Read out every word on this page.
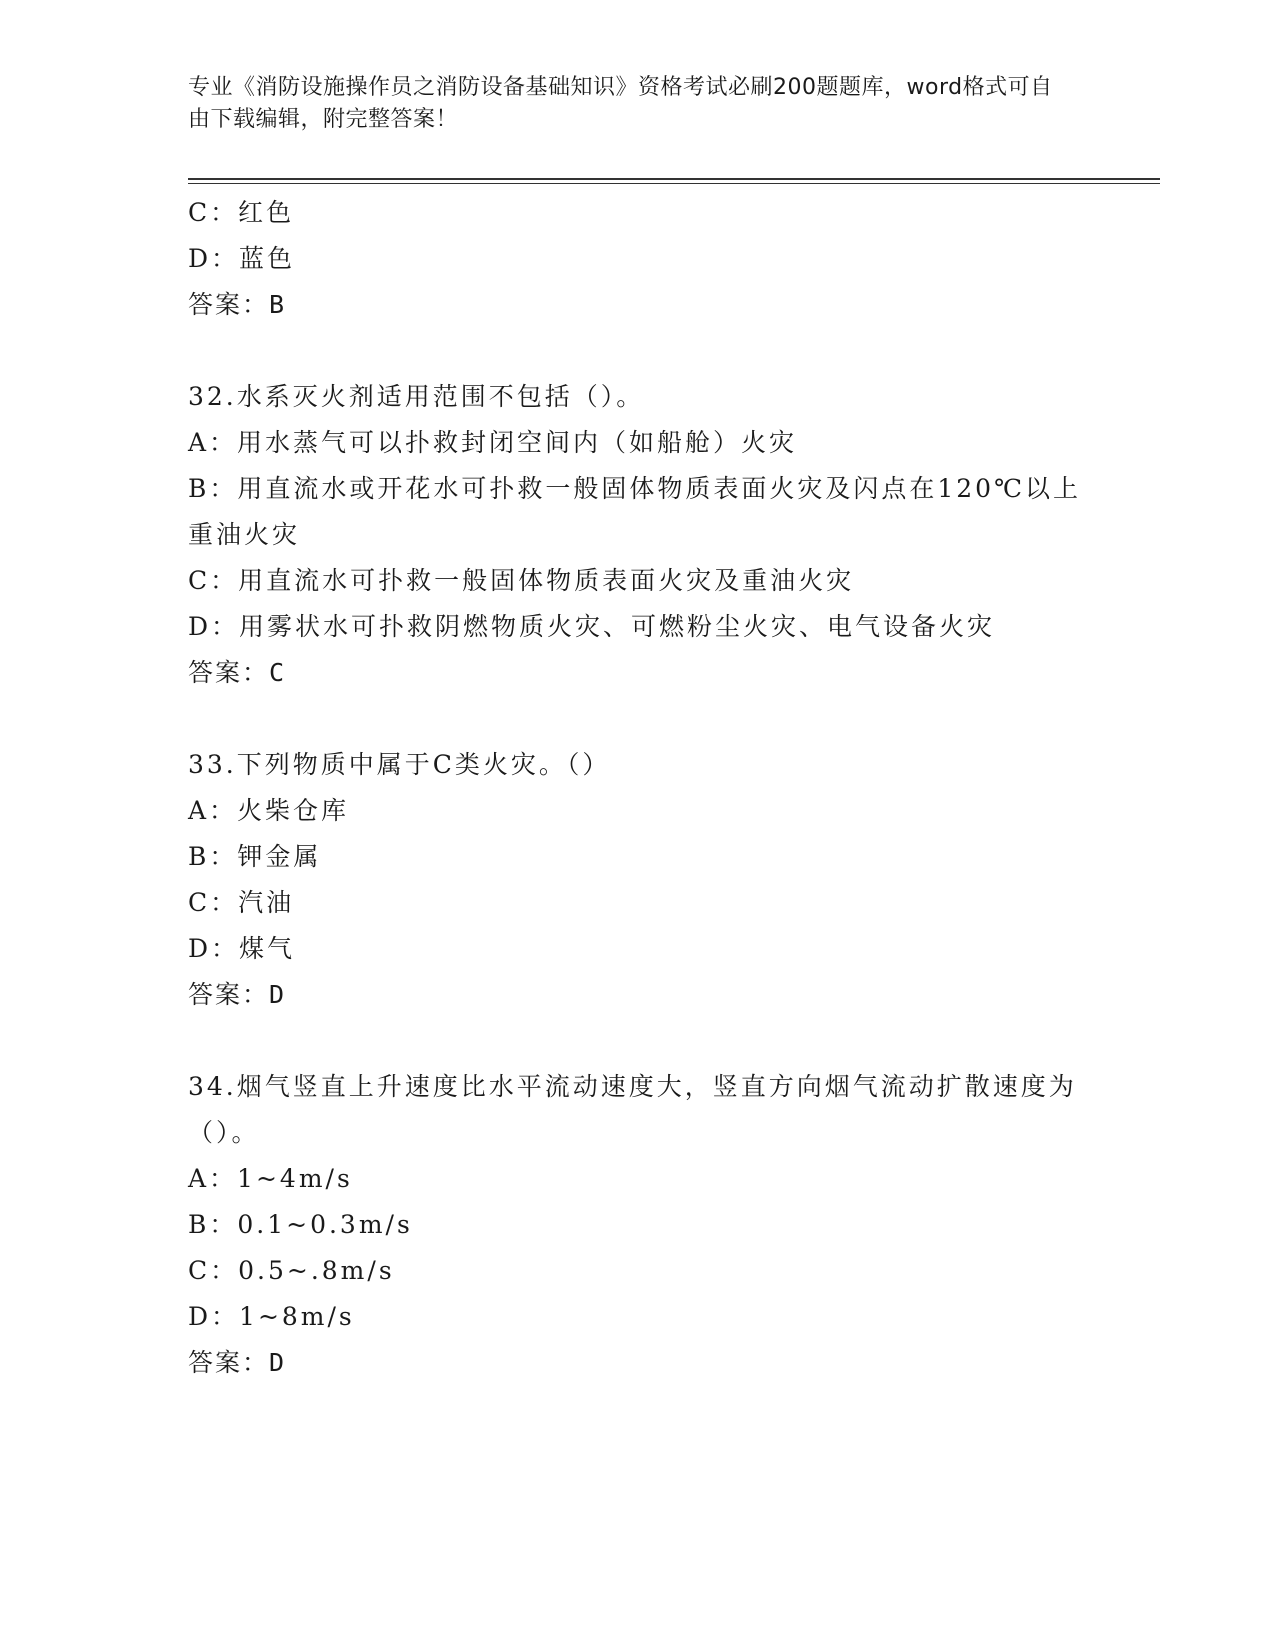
专业《消防设施操作员之消防设备基础知识》资格考试必刷200题题库，word格式可自由下载编辑，附完整答案！
C：红色
D：蓝色
答案：B
32.水系灭火剂适用范围不包括（）。
A：用水蒸气可以扑救封闭空间内（如船舱）火灾
B：用直流水或开花水可扑救一般固体物质表面火灾及闪点在120℃以上重油火灾
C：用直流水可扑救一般固体物质表面火灾及重油火灾
D：用雾状水可扑救阴燃物质火灾、可燃粉尘火灾、电气设备火灾
答案：C
33.下列物质中属于C类火灾。（）
A：火柴仓库
B：钾金属
C：汽油
D：煤气
答案：D
34.烟气竖直上升速度比水平流动速度大，竖直方向烟气流动扩散速度为（）。
A：1~4m/s
B：0.1~0.3m/s
C：0.5~.8m/s
D：1~8m/s
答案：D
